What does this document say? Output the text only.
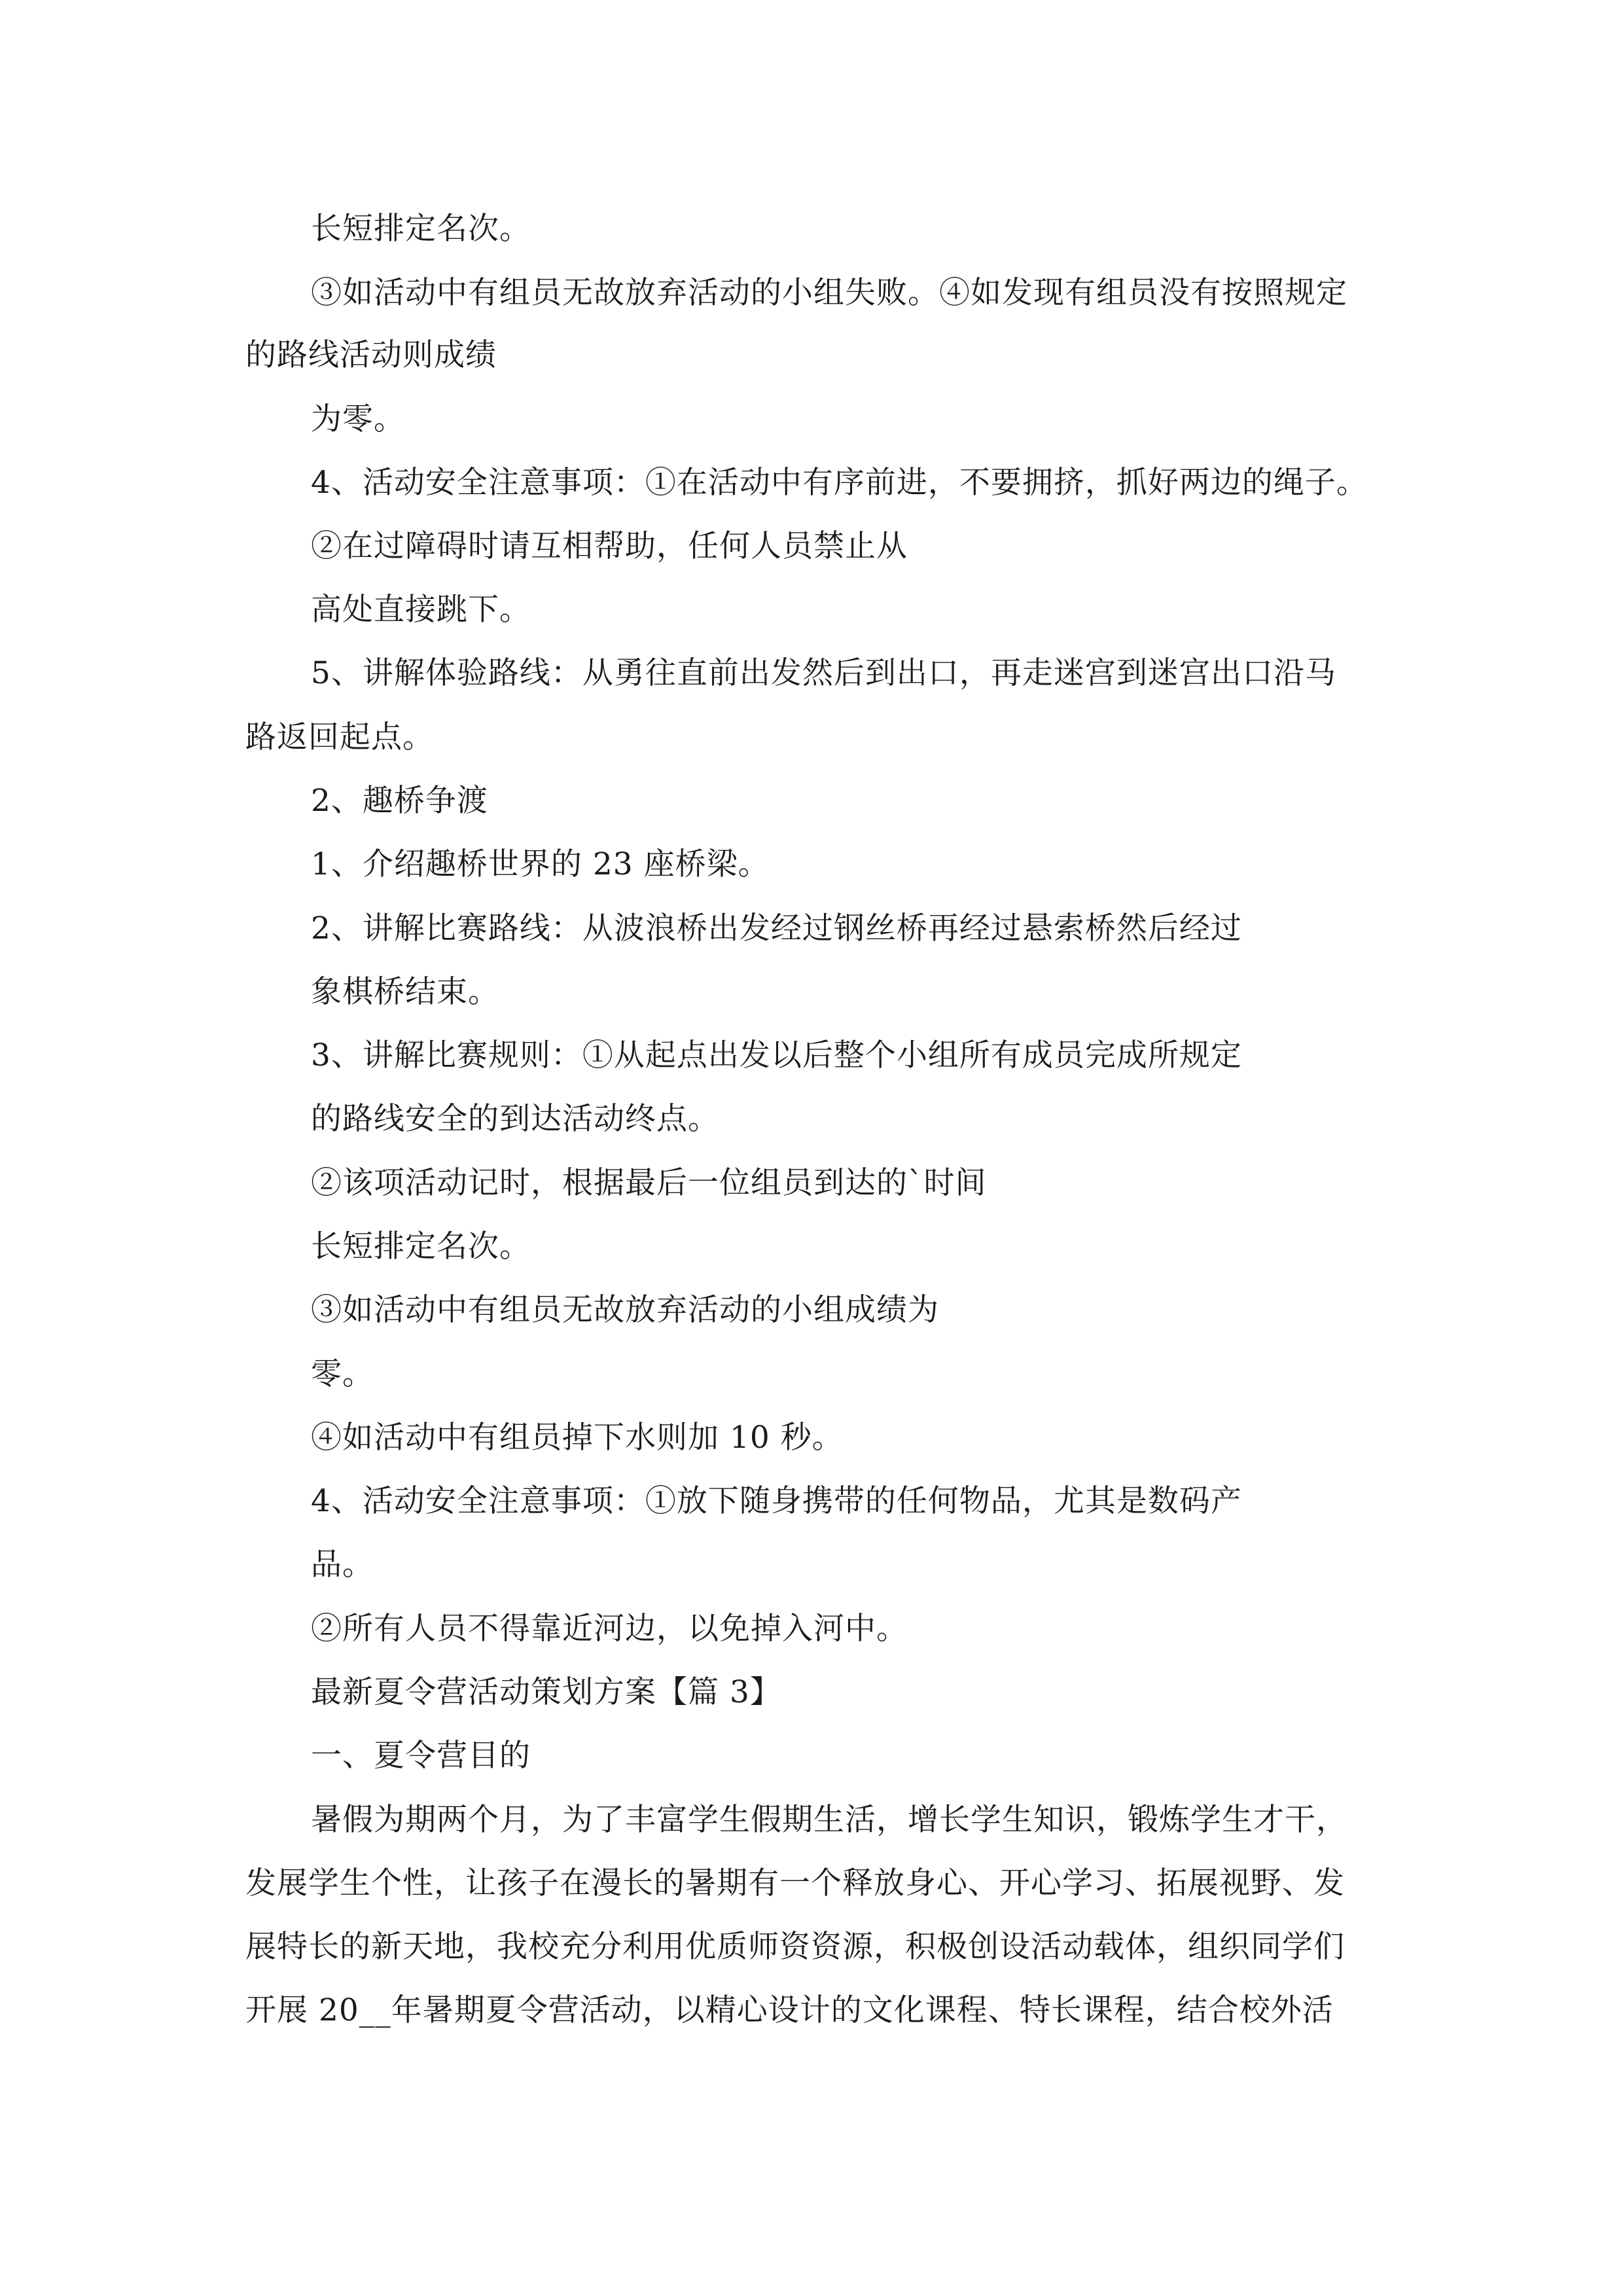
长短排定名次。
③如活动中有组员无故放弃活动的小组失败。④如发现有组员没有按照规定
的路线活动则成绩
为零。
4、活动安全注意事项：①在活动中有序前进，不要拥挤，抓好两边的绳子。
②在过障碍时请互相帮助，任何人员禁止从
高处直接跳下。
5、讲解体验路线：从勇往直前出发然后到出口，再走迷宫到迷宫出口沿马
路返回起点。
2、趣桥争渡
1、介绍趣桥世界的 23 座桥梁。
2、讲解比赛路线：从波浪桥出发经过钢丝桥再经过悬索桥然后经过
象棋桥结束。
3、讲解比赛规则：①从起点出发以后整个小组所有成员完成所规定
的路线安全的到达活动终点。
②该项活动记时，根据最后一位组员到达的`时间
长短排定名次。
③如活动中有组员无故放弃活动的小组成绩为
零。
④如活动中有组员掉下水则加 10 秒。
4、活动安全注意事项：①放下随身携带的任何物品，尤其是数码产
品。
②所有人员不得靠近河边，以免掉入河中。
最新夏令营活动策划方案【篇 3】
一、夏令营目的
暑假为期两个月，为了丰富学生假期生活，增长学生知识，锻炼学生才干，
发展学生个性，让孩子在漫长的暑期有一个释放身心、开心学习、拓展视野、发
展特长的新天地，我校充分利用优质师资资源，积极创设活动载体，组织同学们
开展 20__年暑期夏令营活动，以精心设计的文化课程、特长课程，结合校外活
